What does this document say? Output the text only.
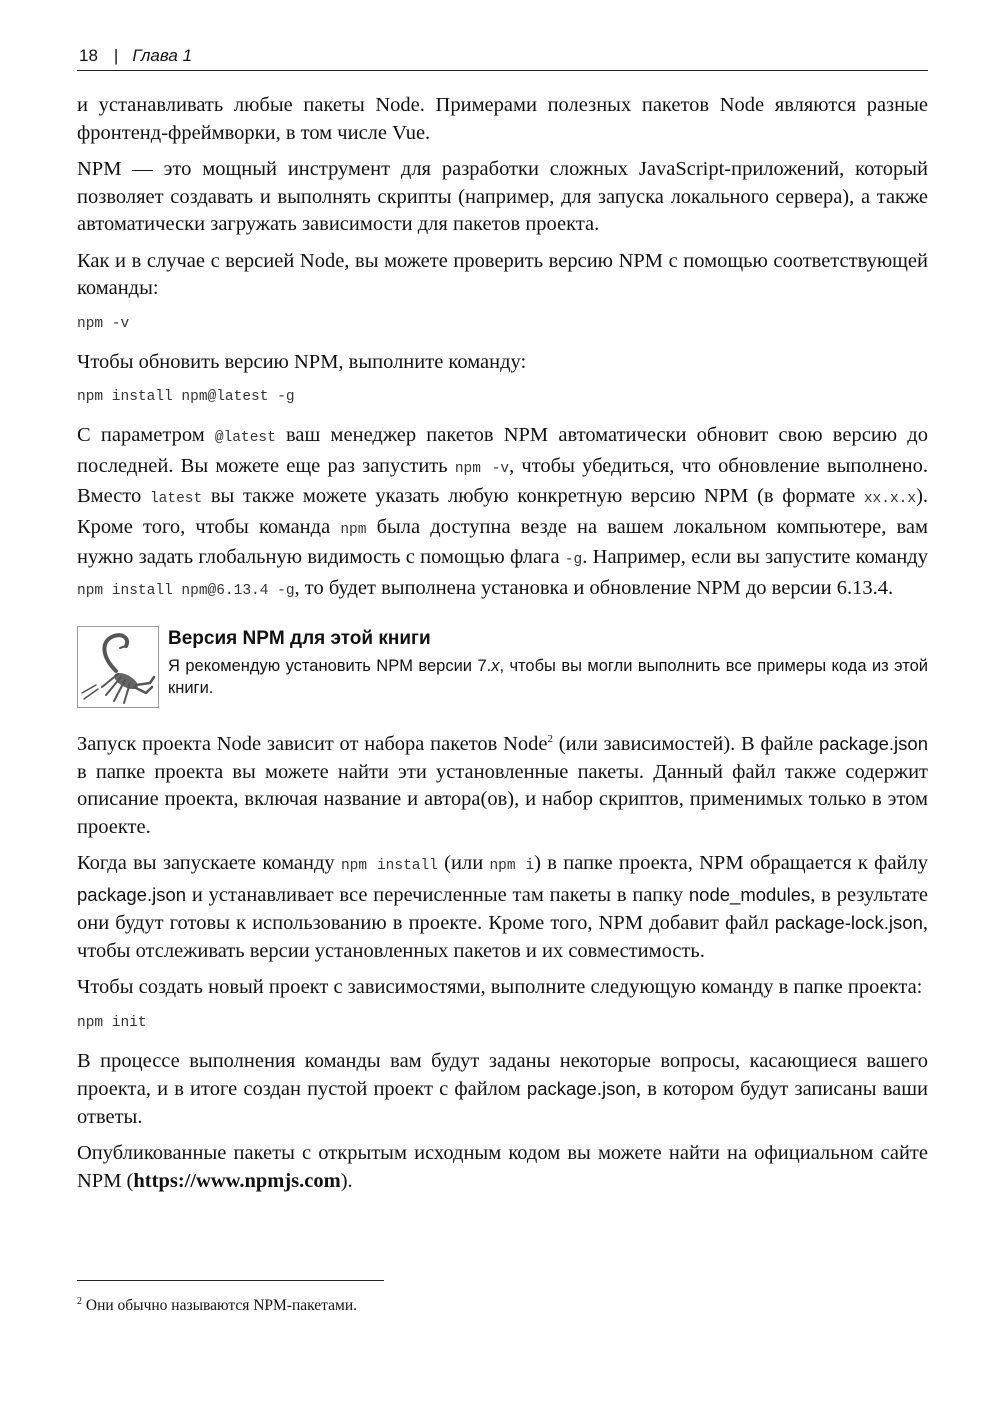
18 | Глава 1

и устанавливать любые пакеты Node. Примерами полезных пакетов Node являются разные фронтенд-фреймворки, в том числе Vue.

NPM — это мощный инструмент для разработки сложных JavaScript-приложений, который позволяет создавать и выполнять скрипты (например, для запуска локального сервера), а также автоматически загружать зависимости для пакетов проекта.

Как и в случае с версией Node, вы можете проверить версию NPM с помощью соответствующей команды:

npm -v

Чтобы обновить версию NPM, выполните команду:

npm install npm@latest -g

С параметром @latest ваш менеджер пакетов NPM автоматически обновит свою версию до последней. Вы можете еще раз запустить npm -v, чтобы убедиться, что обновление выполнено. Вместо latest вы также можете указать любую конкретную версию NPM (в формате xx.x.x). Кроме того, чтобы команда npm была доступна везде на вашем локальном компьютере, вам нужно задать глобальную видимость с помощью флага -g. Например, если вы запустите команду npm install npm@6.13.4 -g, то будет выполнена установка и обновление NPM до версии 6.13.4.

Версия NPM для этой книги
Я рекомендую установить NPM версии 7.x, чтобы вы могли выполнить все примеры кода из этой книги.

Запуск проекта Node зависит от набора пакетов Node$^2$ (или зависимостей). В файле package.json в папке проекта вы можете найти эти установленные пакеты. Данный файл также содержит описание проекта, включая название и автора(ов), и набор скриптов, применимых только в этом проекте.

Когда вы запускаете команду npm install (или npm i) в папке проекта, NPM обращается к файлу package.json и устанавливает все перечисленные там пакеты в папку node_modules, в результате они будут готовы к использованию в проекте. Кроме того, NPM добавит файл package-lock.json, чтобы отслеживать версии установленных пакетов и их совместимость.

Чтобы создать новый проект с зависимостями, выполните следующую команду в папке проекта:

npm init

В процессе выполнения команды вам будут заданы некоторые вопросы, касающиеся вашего проекта, и в итоге создан пустой проект с файлом package.json, в котором будут записаны ваши ответы.

Опубликованные пакеты с открытым исходным кодом вы можете найти на официальном сайте NPM (https://www.npmjs.com).

$^2$ Они обычно называются NPM-пакетами.
